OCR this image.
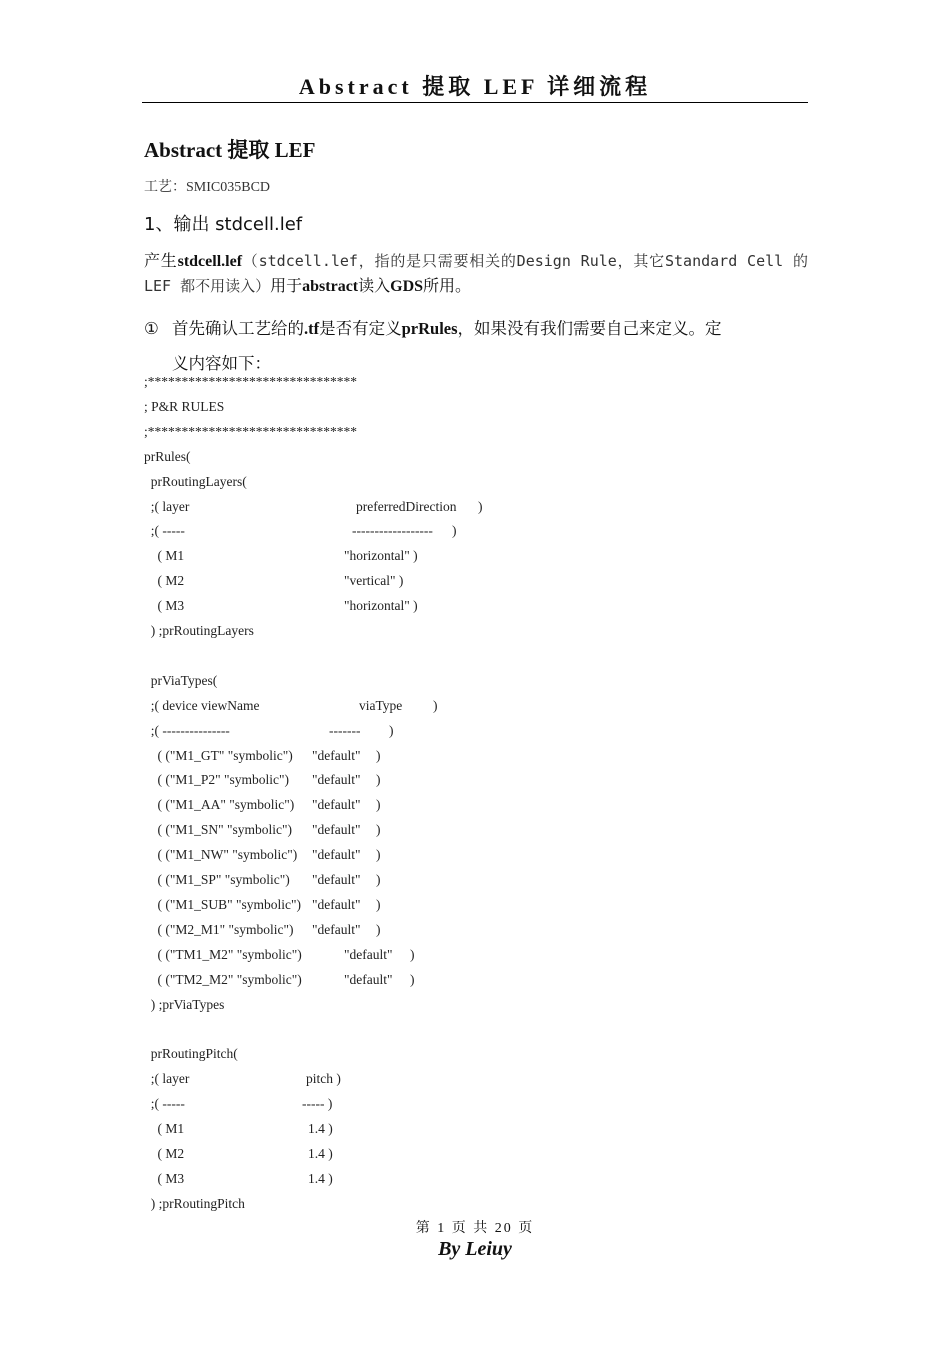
Abstract 提取 LEF 详细流程
Abstract 提取 LEF
工艺：SMIC035BCD
1、输出 stdcell.lef
产生stdcell.lef（stdcell.lef，指的是只需要相关的Design Rule，其它Standard Cell 的LEF 都不用读入）用于abstract读入GDS所用。
① 首先确认工艺给的.tf是否有定义prRules，如果没有我们需要自己来定义。定
义内容如下：
;*******************************
; P&R RULES
;*******************************
prRules(
prRoutingLayers(
;( layer	preferredDirection )
;( -----	------------------ )
( M1	"horizontal" )
( M2	"vertical" )
( M3	"horizontal" )
) ;prRoutingLayers
prViaTypes(
;( device viewName	viaType )
;( ---------------	------- )
( ("M1_GT" "symbolic") "default" )
( ("M1_P2" "symbolic") "default" )
( ("M1_AA" "symbolic") "default" )
( ("M1_SN" "symbolic") "default" )
( ("M1_NW" "symbolic") "default" )
( ("M1_SP" "symbolic") "default" )
( ("M1_SUB" "symbolic") "default" )
( ("M2_M1" "symbolic") "default" )
( ("TM1_M2" "symbolic")	"default" )
( ("TM2_M2" "symbolic")	"default" )
) ;prViaTypes
prRoutingPitch(
;( layer	pitch )
;( -----	----- )
( M1	1.4 )
( M2	1.4 )
( M3	1.4 )
) ;prRoutingPitch
第 1 页 共 20 页
By Leiuy
